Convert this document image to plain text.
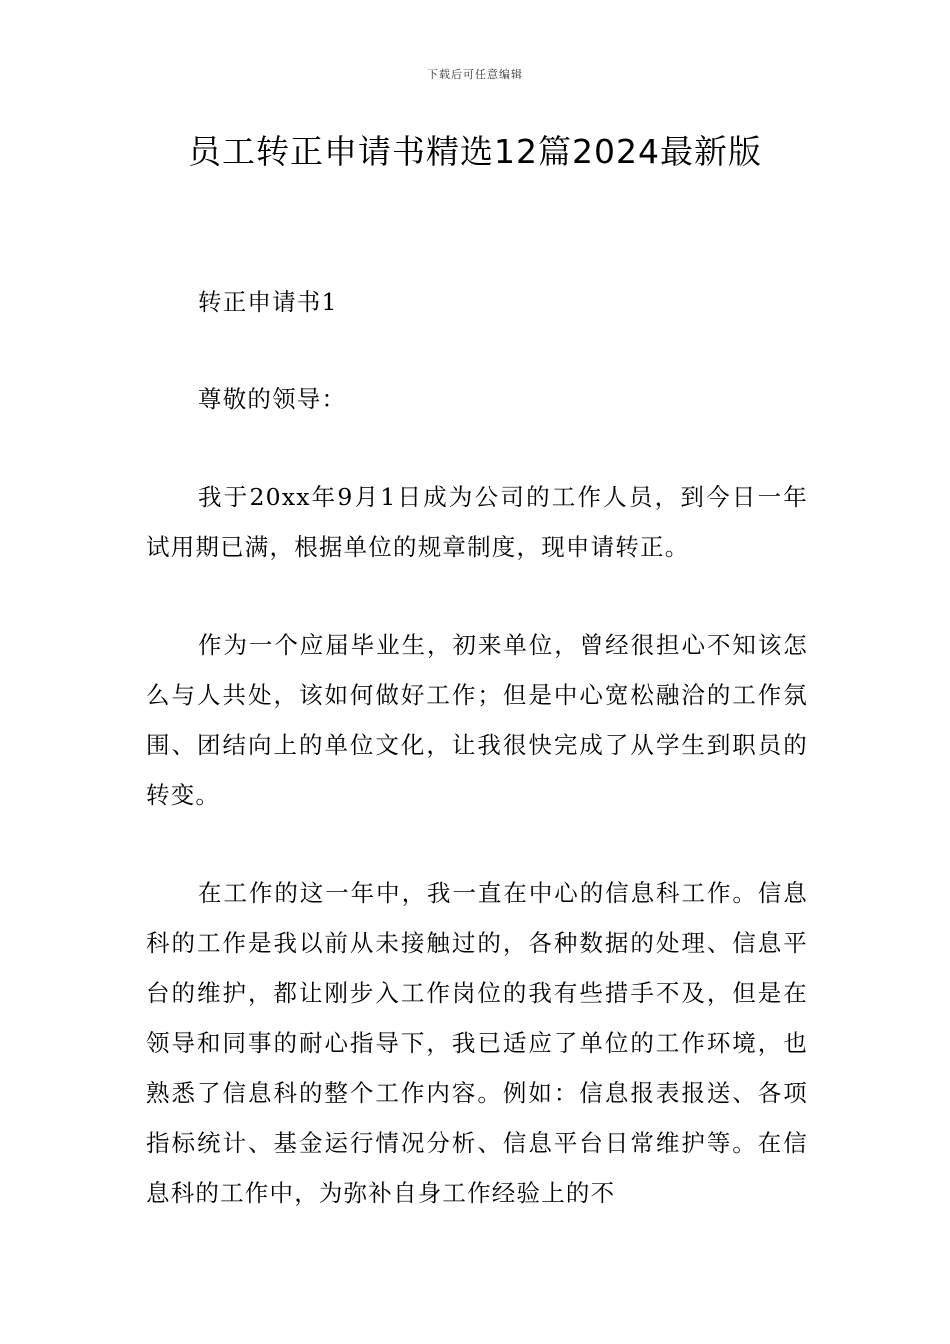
下载后可任意编辑
员工转正申请书精选12篇2024最新版

转正申请书1

尊敬的领导：

我于20xx年9月1日成为公司的工作人员，到今日一年试用期已满，根据单位的规章制度，现申请转正。

作为一个应届毕业生，初来单位，曾经很担心不知该怎么与人共处，该如何做好工作；但是中心宽松融洽的工作氛围、团结向上的单位文化，让我很快完成了从学生到职员的转变。

在工作的这一年中，我一直在中心的信息科工作。信息科的工作是我以前从未接触过的，各种数据的处理、信息平台的维护，都让刚步入工作岗位的我有些措手不及，但是在领导和同事的耐心指导下，我已适应了单位的工作环境，也熟悉了信息科的整个工作内容。例如：信息报表报送、各项指标统计、基金运行情况分析、信息平台日常维护等。在信息科的工作中，为弥补自身工作经验上的不
